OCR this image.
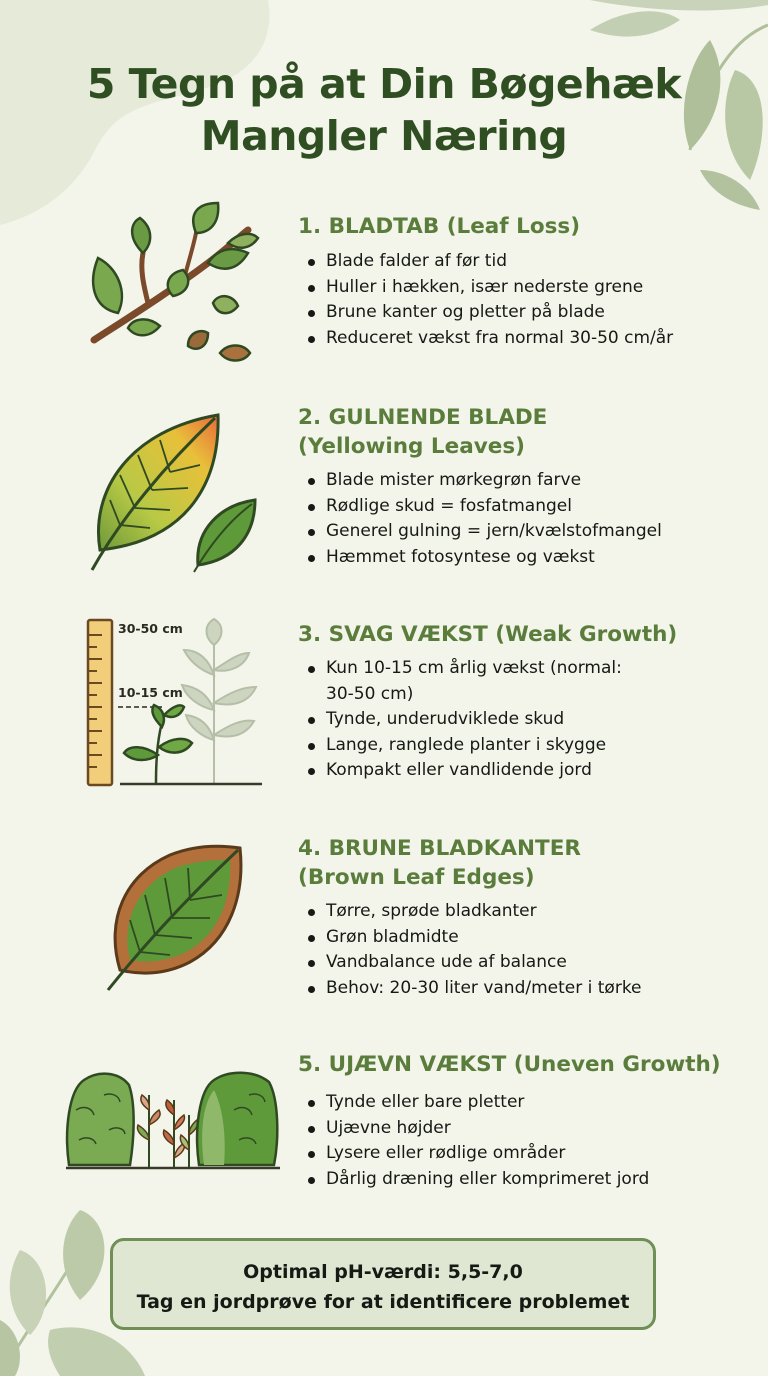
5 Tegn på at Din Bøgehæk
Mangler Næring
1. BLADTAB (Leaf Loss)
Blade falder af før tid
Huller i hækken, især nederste grene
Brune kanter og pletter på blade
Reduceret vækst fra normal 30-50 cm/år
2. GULNENDE BLADE
(Yellowing Leaves)
Blade mister mørkegrøn farve
Rødlige skud = fosfatmangel
Generel gulning = jern/kvælstofmangel
Hæmmet fotosyntese og vækst
30-50 cm
10-15 cm
3. SVAG VÆKST (Weak Growth)
Kun 10-15 cm årlig vækst (normal:
30-50 cm)
Tynde, underudviklede skud
Lange, ranglede planter i skygge
Kompakt eller vandlidende jord
4. BRUNE BLADKANTER
(Brown Leaf Edges)
Tørre, sprøde bladkanter
Grøn bladmidte
Vandbalance ude af balance
Behov: 20-30 liter vand/meter i tørke
5. UJÆVN VÆKST (Uneven Growth)
Tynde eller bare pletter
Ujævne højder
Lysere eller rødlige områder
Dårlig dræning eller komprimeret jord
Optimal pH-værdi: 5,5-7,0
Tag en jordprøve for at identificere problemet
